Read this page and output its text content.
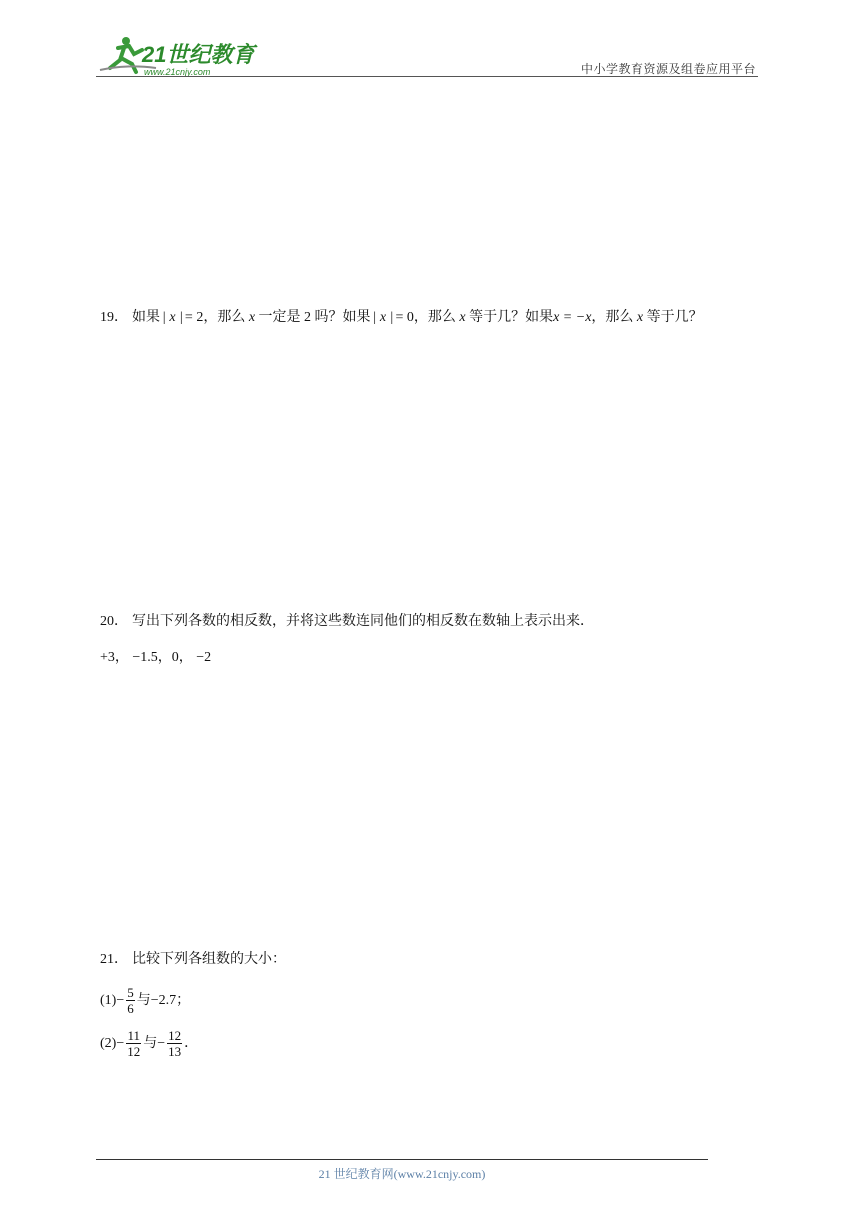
21世纪教育
www.21cnjy.com	中小学教育资源及组卷应用平台
19． 如果 | x | = 2，那么 x 一定是 2 吗？如果 | x | = 0，那么 x 等于几？如果x = −x，那么 x 等于几？
20． 写出下列各数的相反数，并将这些数连同他们的相反数在数轴上表示出来．
+3， −1.5，0， −2
21． 比较下列各组数的大小：
$(1)- \frac{5}{6}$ 与−2.7；
$(2)- \frac{11}{12}$ 与− $\frac{12}{13}$ ．
21 世纪教育网(www.21cnjy.com)
